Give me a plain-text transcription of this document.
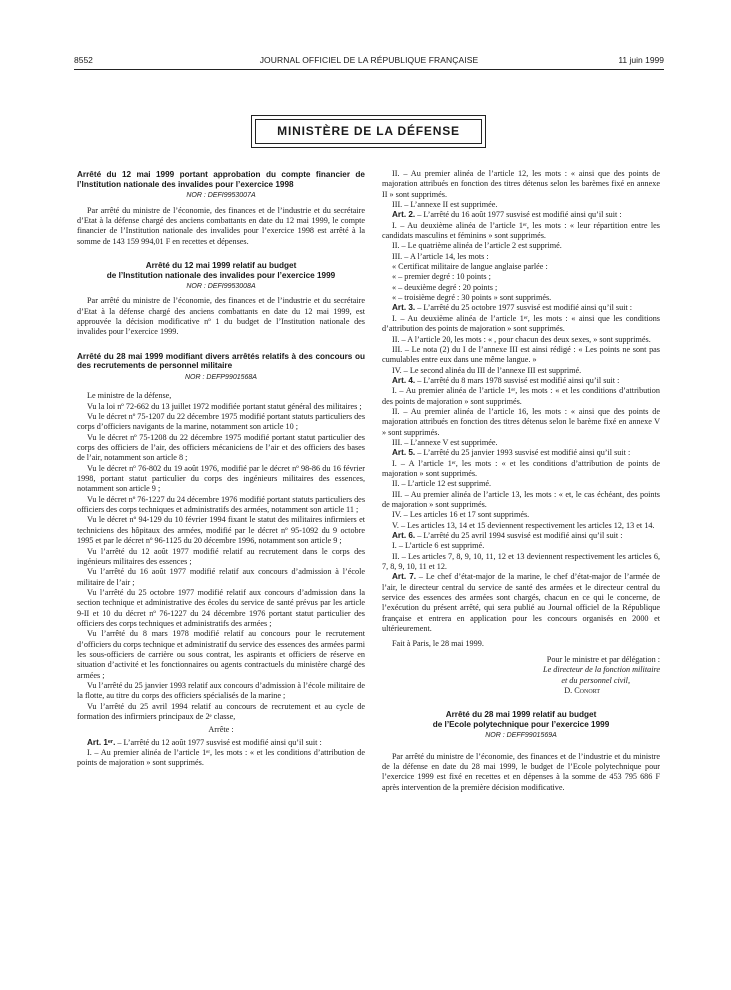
8552	JOURNAL OFFICIEL DE LA RÉPUBLIQUE FRANÇAISE	11 juin 1999
MINISTÈRE DE LA DÉFENSE
Arrêté du 12 mai 1999 portant approbation du compte financier de l’Institution nationale des invalides pour l’exercice 1998
NOR : DEFI9953007A

Par arrêté du ministre de l’économie, des finances et de l’industrie et du secrétaire d’Etat à la défense chargé des anciens combattants en date du 12 mai 1999, le compte financier de l’Institution nationale des invalides pour l’exercice 1998 est arrêté à la somme de 143 159 994,01 F en recettes et dépenses.

Arrêté du 12 mai 1999 relatif au budget
de l’Institution nationale des invalides pour l’exercice 1999
NOR : DEFI9953008A

Par arrêté du ministre de l’économie, des finances et de l’industrie et du secrétaire d’Etat à la défense chargé des anciens combattants en date du 12 mai 1999, est approuvée la décision modificative nº 1 du budget de l’Institution nationale des invalides pour l’exercice 1999.

Arrêté du 28 mai 1999 modifiant divers arrêtés relatifs à des concours ou des recrutements de personnel militaire
NOR : DEFP9901568A

Le ministre de la défense,

Vu la loi nº 72-662 du 13 juillet 1972 modifiée portant statut général des militaires ;

Vu le décret nº 75-1207 du 22 décembre 1975 modifié portant statuts particuliers des corps d’officiers navigants de la marine, notamment son article 10 ;

Vu le décret nº 75-1208 du 22 décembre 1975 modifié portant statut particulier des corps des officiers de l’air, des officiers mécaniciens de l’air et des officiers des bases de l’air, notamment son article 8 ;

Vu le décret nº 76-802 du 19 août 1976, modifié par le décret nº 98-86 du 16 février 1998, portant statut particulier du corps des ingénieurs militaires des essences, notamment son article 9 ;

Vu le décret nº 76-1227 du 24 décembre 1976 modifié portant statuts particuliers des officiers des corps techniques et administratifs des armées, notamment son article 11 ;

Vu le décret nº 94-129 du 10 février 1994 fixant le statut des militaires infirmiers et techniciens des hôpitaux des armées, modifié par le décret nº 95-1092 du 9 octobre 1995 et par le décret nº 96-1125 du 20 décembre 1996, notamment son article 9 ;

Vu l’arrêté du 12 août 1977 modifié relatif au recrutement dans le corps des ingénieurs militaires des essences ;

Vu l’arrêté du 16 août 1977 modifié relatif aux concours d’admission à l’école militaire de l’air ;

Vu l’arrêté du 25 octobre 1977 modifié relatif aux concours d’admission dans la section technique et administrative des écoles du service de santé prévus par les article 9-II et 10 du décret nº 76-1227 du 24 décembre 1976 portant statut particulier des officiers des corps techniques et administratifs des armées ;

Vu l’arrêté du 8 mars 1978 modifié relatif au concours pour le recrutement d’officiers du corps technique et administratif du service des essences des armées parmi les sous-officiers de carrière ou sous contrat, les aspirants et officiers de réserve en situation d’activité et les fonctionnaires ou agents contractuels du ministère chargé des armées ;

Vu l’arrêté du 25 janvier 1993 relatif aux concours d’admission à l’école militaire de la flotte, au titre du corps des officiers spécialisés de la marine ;

Vu l’arrêté du 25 avril 1994 relatif au concours de recrutement et au cycle de formation des infirmiers principaux de 2ᵉ classe,

Arrête :

Art. 1ᵉʳ. – L’arrêté du 12 août 1977 susvisé est modifié ainsi qu’il suit :

I. – Au premier alinéa de l’article 1ᵉʳ, les mots : « et les conditions d’attribution de points de majoration » sont supprimés.

II. – Au premier alinéa de l’article 12, les mots : « ainsi que des points de majoration attribués en fonction des titres détenus selon les barèmes fixé en annexe II » sont supprimés.

III. – L’annexe II est supprimée.

Art. 2. – L’arrêté du 16 août 1977 susvisé est modifié ainsi qu’il suit :

I. – Au deuxième alinéa de l’article 1ᵉʳ, les mots : « leur répartition entre les candidats masculins et féminins » sont supprimés.

II. – Le quatrième alinéa de l’article 2 est supprimé.

III. – A l’article 14, les mots :

« Certificat militaire de langue anglaise parlée :

« – premier degré : 10 points ;

« – deuxième degré : 20 points ;

« – troisième degré : 30 points » sont supprimés.

Art. 3. – L’arrêté du 25 octobre 1977 susvisé est modifié ainsi qu’il suit :

I. – Au deuxième alinéa de l’article 1ᵉʳ, les mots : « ainsi que les conditions d’attribution des points de majoration » sont supprimés.

II. – A l’article 20, les mots : « , pour chacun des deux sexes, » sont supprimés.

III. – Le nota (2) du I de l’annexe III est ainsi rédigé : « Les points ne sont pas cumulables entre eux dans une même langue. »

IV. – Le second alinéa du III de l’annexe III est supprimé.

Art. 4. – L’arrêté du 8 mars 1978 susvisé est modifié ainsi qu’il suit :

I. – Au premier alinéa de l’article 1ᵉʳ, les mots : « et les conditions d’attribution des points de majoration » sont supprimés.

II. – Au premier alinéa de l’article 16, les mots : « ainsi que des points de majoration attribués en fonction des titres détenus selon le barème fixé en annexe V » sont supprimés.

III. – L’annexe V est supprimée.

Art. 5. – L’arrêté du 25 janvier 1993 susvisé est modifié ainsi qu’il suit :

I. – A l’article 1ᵉʳ, les mots : « et les conditions d’attribution de points de majoration » sont supprimés.

II. – L’article 12 est supprimé.

III. – Au premier alinéa de l’article 13, les mots : « et, le cas échéant, des points de majoration » sont supprimés.

IV. – Les articles 16 et 17 sont supprimés.

V. – Les articles 13, 14 et 15 deviennent respectivement les articles 12, 13 et 14.

Art. 6. – L’arrêté du 25 avril 1994 susvisé est modifié ainsi qu’il suit :

I. – L’article 6 est supprimé.

II. – Les articles 7, 8, 9, 10, 11, 12 et 13 deviennent respectivement les articles 6, 7, 8, 9, 10, 11 et 12.

Art. 7. – Le chef d’état-major de la marine, le chef d’état-major de l’armée de l’air, le directeur central du service de santé des armées et le directeur central du service des essences des armées sont chargés, chacun en ce qui le concerne, de l’exécution du présent arrêté, qui sera publié au Journal officiel de la République française et entrera en application pour les concours organisés en 2000 et ultérieurement.

Fait à Paris, le 28 mai 1999.

Pour le ministre et par délégation :
Le directeur de la fonction militaire
et du personnel civil,
D. Conort
Arrêté du 28 mai 1999 relatif au budget
de l’Ecole polytechnique pour l’exercice 1999
NOR : DEFF9901569A

Par arrêté du ministre de l’économie, des finances et de l’industrie et du ministre de la défense en date du 28 mai 1999, le budget de l’Ecole polytechnique pour l’exercice 1999 est fixé en recettes et en dépenses à la somme de 453 795 686 F après intervention de la première décision modificative.
